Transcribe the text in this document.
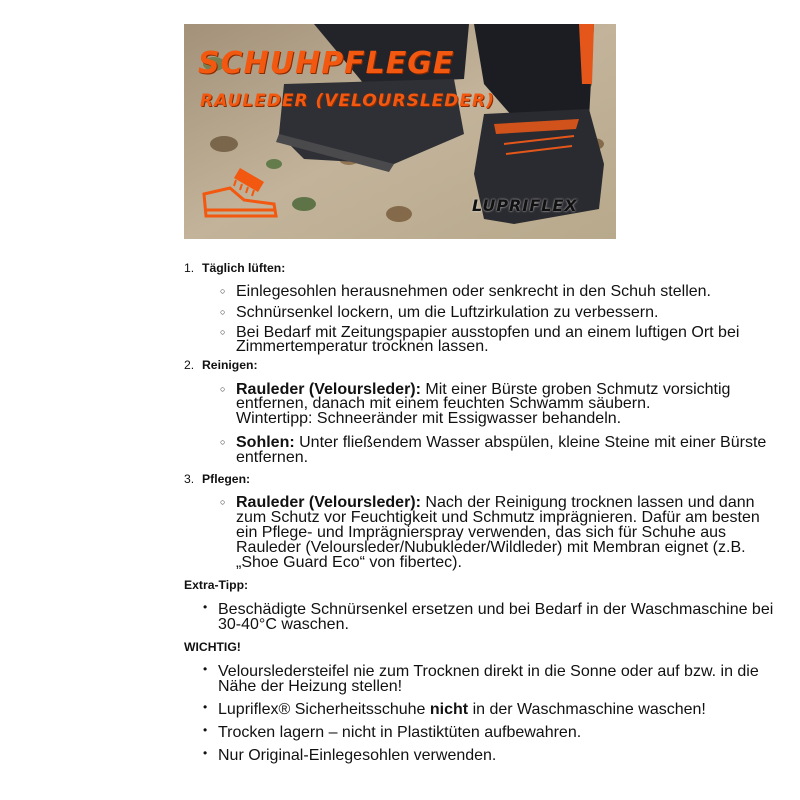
SCHUHPFLEGE
RAULEDER (VELOURSLEDER)
LUPRIFLEX
1. Täglich lüften:
○ Einlegesohlen herausnehmen oder senkrecht in den Schuh stellen.
○ Schnürsenkel lockern, um die Luftzirkulation zu verbessern.
○ Bei Bedarf mit Zeitungspapier ausstopfen und an einem luftigen Ort bei
Zimmertemperatur trocknen lassen.
2. Reinigen:
○ Rauleder (Veloursleder): Mit einer Bürste groben Schmutz vorsichtig
entfernen, danach mit einem feuchten Schwamm säubern.
Wintertipp: Schneeränder mit Essigwasser behandeln.
○ Sohlen: Unter fließendem Wasser abspülen, kleine Steine mit einer Bürste
entfernen.
3. Pflegen:
○ Rauleder (Veloursleder): Nach der Reinigung trocknen lassen und dann
zum Schutz vor Feuchtigkeit und Schmutz imprägnieren. Dafür am besten
ein Pflege- und Imprägnierspray verwenden, das sich für Schuhe aus
Rauleder (Veloursleder/Nubukleder/Wildleder) mit Membran eignet (z.B.
„Shoe Guard Eco“ von fibertec).
Extra-Tipp:
• Beschädigte Schnürsenkel ersetzen und bei Bedarf in der Waschmaschine bei
30-40°C waschen.
WICHTIG!
• Veloursledersteifel nie zum Trocknen direkt in die Sonne oder auf bzw. in die
Nähe der Heizung stellen!
• Lupriflex® Sicherheitsschuhe nicht in der Waschmaschine waschen!
• Trocken lagern – nicht in Plastiktüten aufbewahren.
• Nur Original-Einlegesohlen verwenden.
